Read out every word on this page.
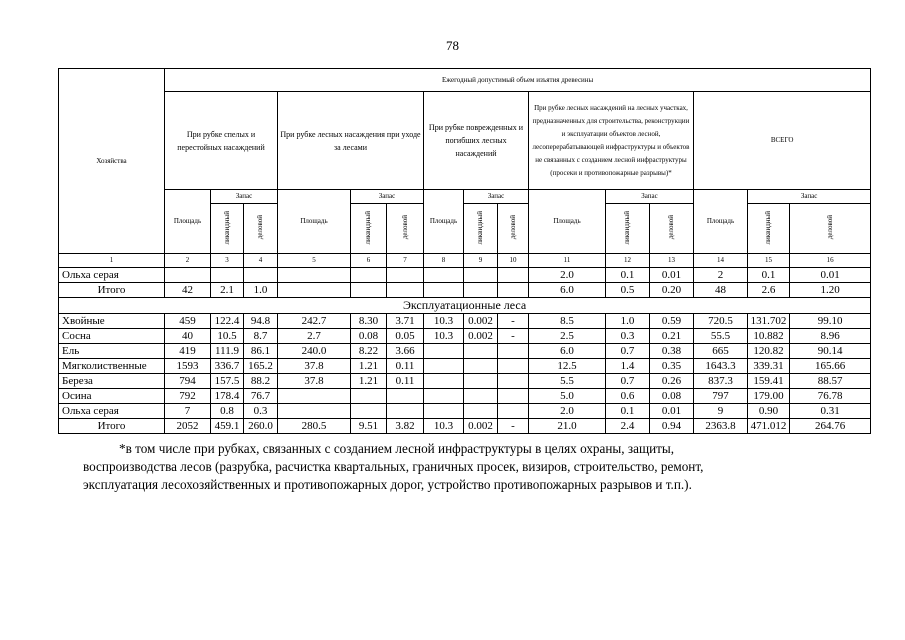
78
Хозяйства	Ежегодный допустимый объем изъятия древесины														
	При рубке спелых и перестойных насаждений			При рубке лесных насаждения при уходе за лесами			При рубке поврежденных и погибших лесных насаждений			При рубке лесных насаждений на лесных участках, предназначенных для строительства, реконструкции и эксплуатации объектов лесной, лесоперерабатывающей инфраструктуры и объектов не связанных с созданием лесной инфраструктуры (просеки и противопожарные разрывы)*			ВСЕГО		
	Площадь	Запас		Площадь	Запас		Площадь	Запас		Площадь	Запас		Площадь	Запас	
		ликвидный	деловой		ликвидный	деловой		ликвидный	деловой		ликвидный	деловой		ликвидный	деловой
1	2	3	4	5	6	7	8	9	10	11	12	13	14	15	16
Ольха серая										2.0	0.1	0.01	2	0.1	0.01
Итого	42	2.1	1.0							6.0	0.5	0.20	48	2.6	1.20
Эксплуатационные леса															
Хвойные	459	122.4	94.8	242.7	8.30	3.71	10.3	0.002	-	8.5	1.0	0.59	720.5	131.702	99.10
Сосна	40	10.5	8.7	2.7	0.08	0.05	10.3	0.002	-	2.5	0.3	0.21	55.5	10.882	8.96
Ель	419	111.9	86.1	240.0	8.22	3.66				6.0	0.7	0.38	665	120.82	90.14
Мягколиственные	1593	336.7	165.2	37.8	1.21	0.11				12.5	1.4	0.35	1643.3	339.31	165.66
Береза	794	157.5	88.2	37.8	1.21	0.11				5.5	0.7	0.26	837.3	159.41	88.57
Осина	792	178.4	76.7							5.0	0.6	0.08	797	179.00	76.78
Ольха серая	7	0.8	0.3							2.0	0.1	0.01	9	0.90	0.31
Итого	2052	459.1	260.0	280.5	9.51	3.82	10.3	0.002	-	21.0	2.4	0.94	2363.8	471.012	264.76
*в том числе при рубках, связанных с созданием лесной инфраструктуры в целях охраны, защиты,
воспроизводства лесов (разрубка, расчистка квартальных, граничных просек, визиров, строительство, ремонт,
эксплуатация лесохозяйственных и противопожарных дорог, устройство противопожарных разрывов и т.п.).
